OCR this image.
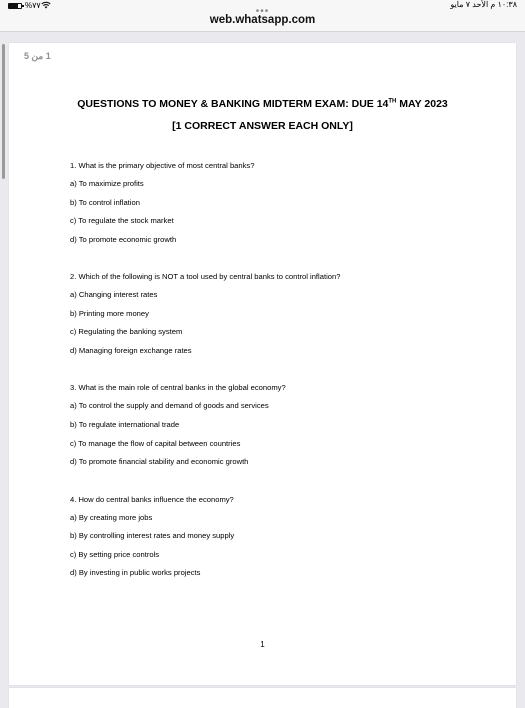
%٧٧	١٠:٣٨ م الأحد ٧ مايو
•••
web.whatsapp.com
1 من 5
QUESTIONS TO MONEY & BANKING MIDTERM EXAM: DUE 14TH MAY 2023
[1 CORRECT ANSWER EACH ONLY]
1. What is the primary objective of most central banks?
a) To maximize profits
b) To control inflation
c) To regulate the stock market
d) To promote economic growth
2. Which of the following is NOT a tool used by central banks to control inflation?
a) Changing interest rates
b) Printing more money
c) Regulating the banking system
d) Managing foreign exchange rates
3. What is the main role of central banks in the global economy?
a) To control the supply and demand of goods and services
b) To regulate international trade
c) To manage the flow of capital between countries
d) To promote financial stability and economic growth
4. How do central banks influence the economy?
a) By creating more jobs
b) By controlling interest rates and money supply
c) By setting price controls
d) By investing in public works projects
1
